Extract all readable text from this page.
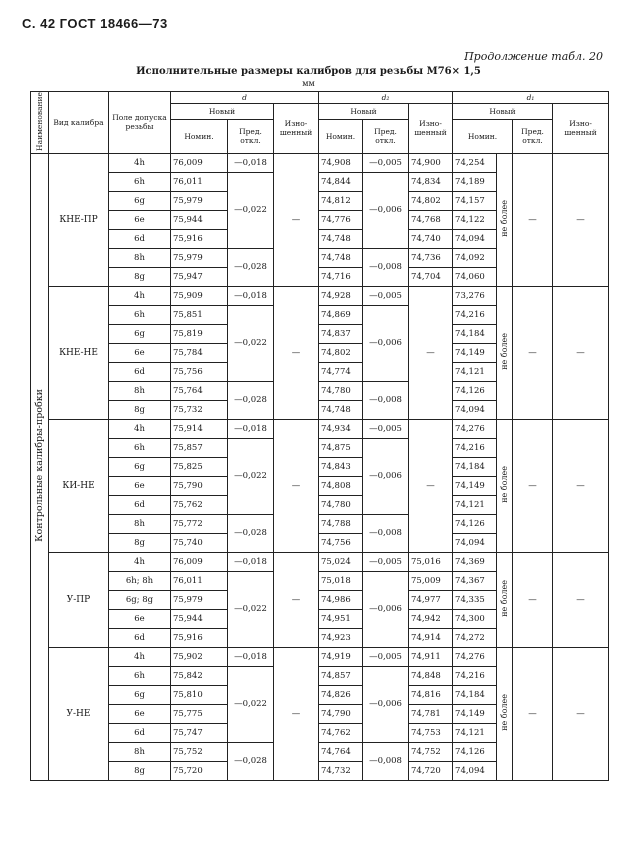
С. 42 ГОСТ 18466—73
Продолжение табл. 20
Исполнительные размеры калибров для резьбы М76× 1,5
мм
Наименование	Вид калибра	Поле допуска резьбы	d			d₂			d₁			
			Новый		Изно-шенный	Новый		Изно-шенный	Новый			Изно-шенный
			Номин.	Пред. откл.		Номин.	Пред. откл.		Номин.		Пред. откл.	
Контрольные калибры-пробки	КНЕ-ПР	4h	76,009	—0,018	—	74,908	—0,005	74,900	74,254	не более	—	—
		6h	76,011	—0,022		74,844	—0,006	74,834	74,189			
		6g	75,979			74,812		74,802	74,157			
		6e	75,944			74,776		74,768	74,122			
		6d	75,916			74,748		74,740	74,094			
		8h	75,979	—0,028		74,748	—0,008	74,736	74,092			
		8g	75,947			74,716		74,704	74,060			
	КНЕ-НЕ	4h	75,909	—0,018	—	74,928	—0,005	—	73,276	не более	—	—
		6h	75,851	—0,022		74,869	—0,006		74,216			
		6g	75,819			74,837			74,184			
		6e	75,784			74,802			74,149			
		6d	75,756			74,774			74,121			
		8h	75,764	—0,028		74,780	—0,008		74,126			
		8g	75,732			74,748			74,094			
	КИ-НЕ	4h	75,914	—0,018	—	74,934	—0,005	—	74,276	не более	—	—
		6h	75,857	—0,022		74,875	—0,006		74,216			
		6g	75,825			74,843			74,184			
		6e	75,790			74,808			74,149			
		6d	75,762			74,780			74,121			
		8h	75,772	—0,028		74,788	—0,008		74,126			
		8g	75,740			74,756			74,094			
	У-ПР	4h	76,009	—0,018	—	75,024	—0,005	75,016	74,369	не более	—	—
		6h; 8h	76,011	—0,022		75,018	—0,006	75,009	74,367			
		6g; 8g	75,979			74,986		74,977	74,335			
		6e	75,944			74,951		74,942	74,300			
		6d	75,916			74,923		74,914	74,272			
	У-НЕ	4h	75,902	—0,018	—	74,919	—0,005	74,911	74,276	не более	—	—
		6h	75,842	—0,022		74,857	—0,006	74,848	74,216			
		6g	75,810			74,826		74,816	74,184			
		6e	75,775			74,790		74,781	74,149			
		6d	75,747			74,762		74,753	74,121			
		8h	75,752	—0,028		74,764	—0,008	74,752	74,126			
		8g	75,720			74,732		74,720	74,094			
